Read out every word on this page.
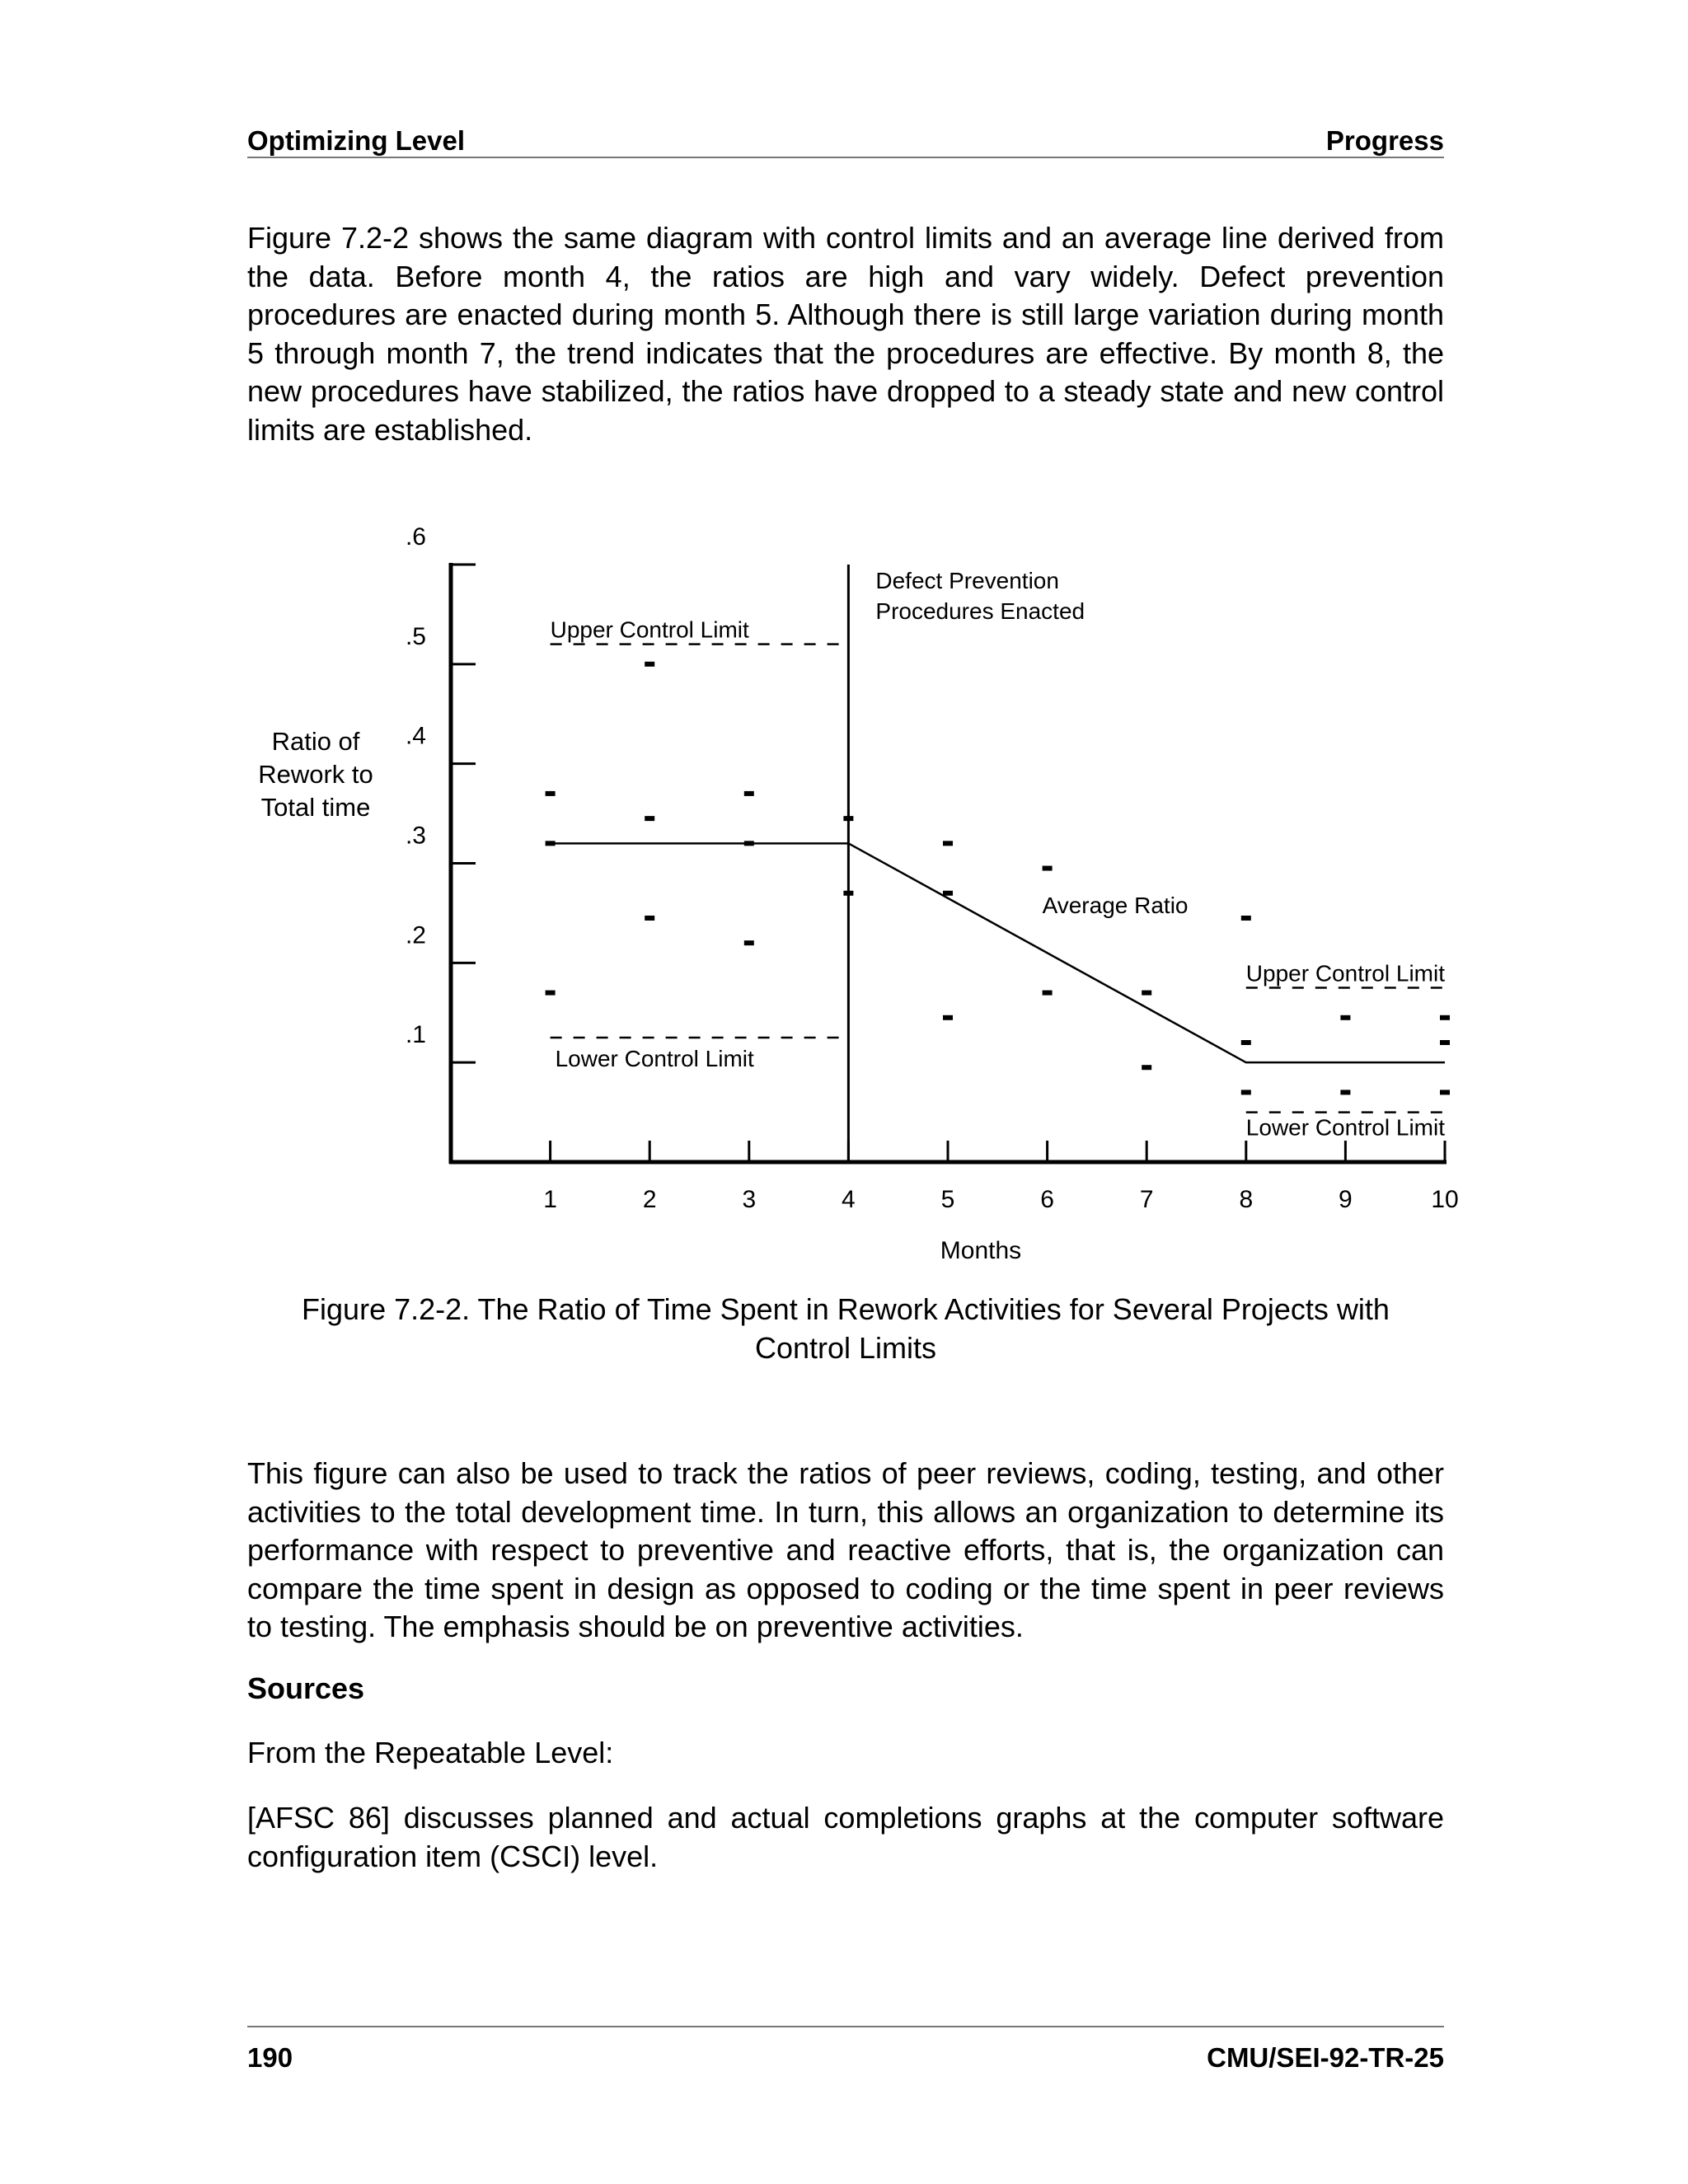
Optimizing Level	Progress

Figure 7.2-2 shows the same diagram with control limits and an average line derived from the data. Before month 4, the ratios are high and vary widely. Defect prevention procedures are enacted during month 5. Although there is still large variation during month 5 through month 7, the trend indicates that the procedures are effective. By month 8, the new procedures have stabilized, the ratios have dropped to a steady state and new control limits are established.

.1
.2
.3
.4
.5
.6
1	2	3	4	5	6	7	8	9	10
Months
Ratio of
Rework to
Total time
Defect Prevention
Procedures Enacted
Upper Control Limit
Lower Control Limit
Upper Control Limit
Lower Control Limit
Average Ratio
Figure 7.2-2. The Ratio of Time Spent in Rework Activities for Several Projects with
Control Limits

This figure can also be used to track the ratios of peer reviews, coding, testing, and other activities to the total development time. In turn, this allows an organization to determine its performance with respect to preventive and reactive efforts, that is, the organization can compare the time spent in design as opposed to coding or the time spent in peer reviews to testing. The emphasis should be on preventive activities.

Sources
From the Repeatable Level:
[AFSC 86] discusses planned and actual completions graphs at the computer software configuration item (CSCI) level.
190	CMU/SEI-92-TR-25
